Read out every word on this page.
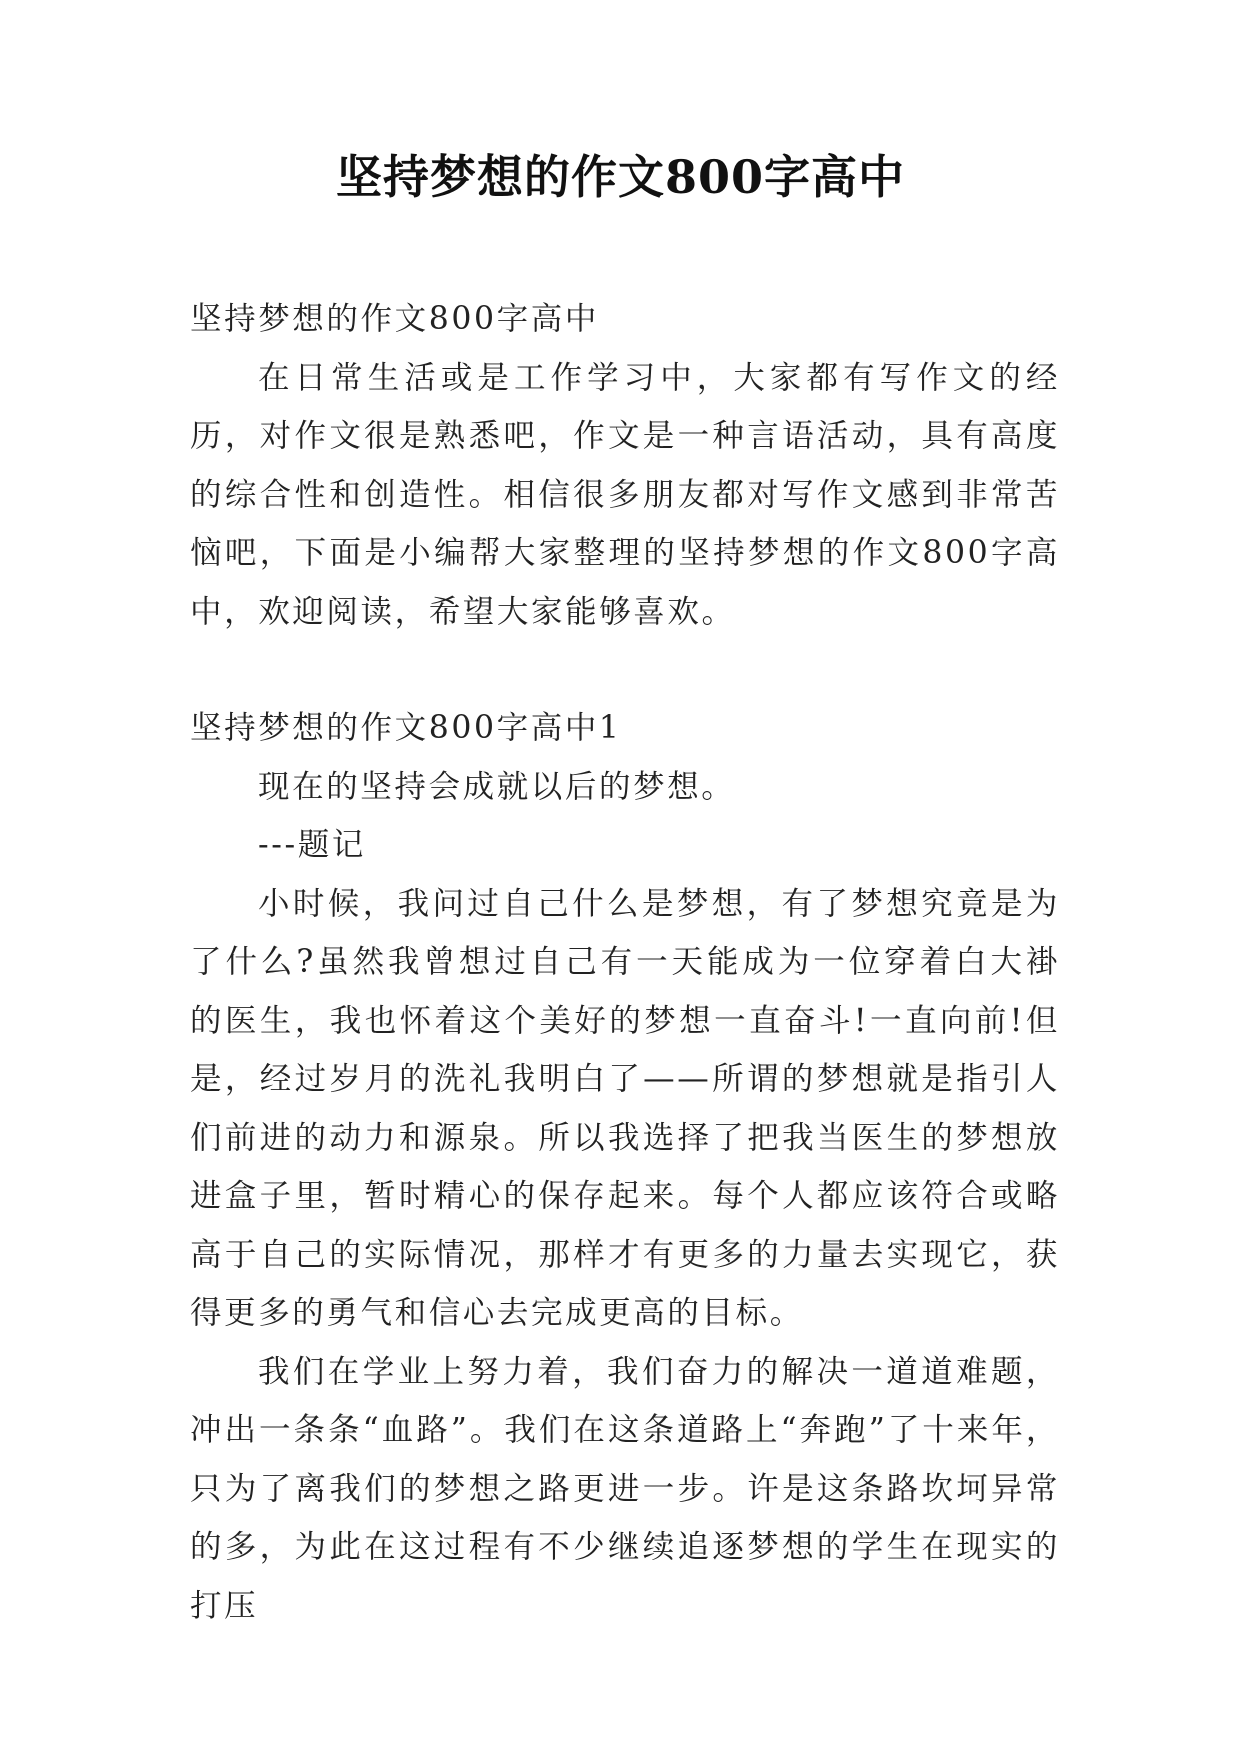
坚持梦想的作文800字高中

坚持梦想的作文800字高中

在日常生活或是工作学习中，大家都有写作文的经历，对作文很是熟悉吧，作文是一种言语活动，具有高度的综合性和创造性。相信很多朋友都对写作文感到非常苦恼吧，下面是小编帮大家整理的坚持梦想的作文800字高中，欢迎阅读，希望大家能够喜欢。

坚持梦想的作文800字高中1

现在的坚持会成就以后的梦想。

---题记

小时候，我问过自己什么是梦想，有了梦想究竟是为了什么?虽然我曾想过自己有一天能成为一位穿着白大褂的医生，我也怀着这个美好的梦想一直奋斗!一直向前!但是，经过岁月的洗礼我明白了——所谓的梦想就是指引人们前进的动力和源泉。所以我选择了把我当医生的梦想放进盒子里，暂时精心的保存起来。每个人都应该符合或略高于自己的实际情况，那样才有更多的力量去实现它，获得更多的勇气和信心去完成更高的目标。

我们在学业上努力着，我们奋力的解决一道道难题，冲出一条条“血路”。我们在这条道路上“奔跑”了十来年，只为了离我们的梦想之路更进一步。许是这条路坎坷异常的多，为此在这过程有不少继续追逐梦想的学生在现实的打压
